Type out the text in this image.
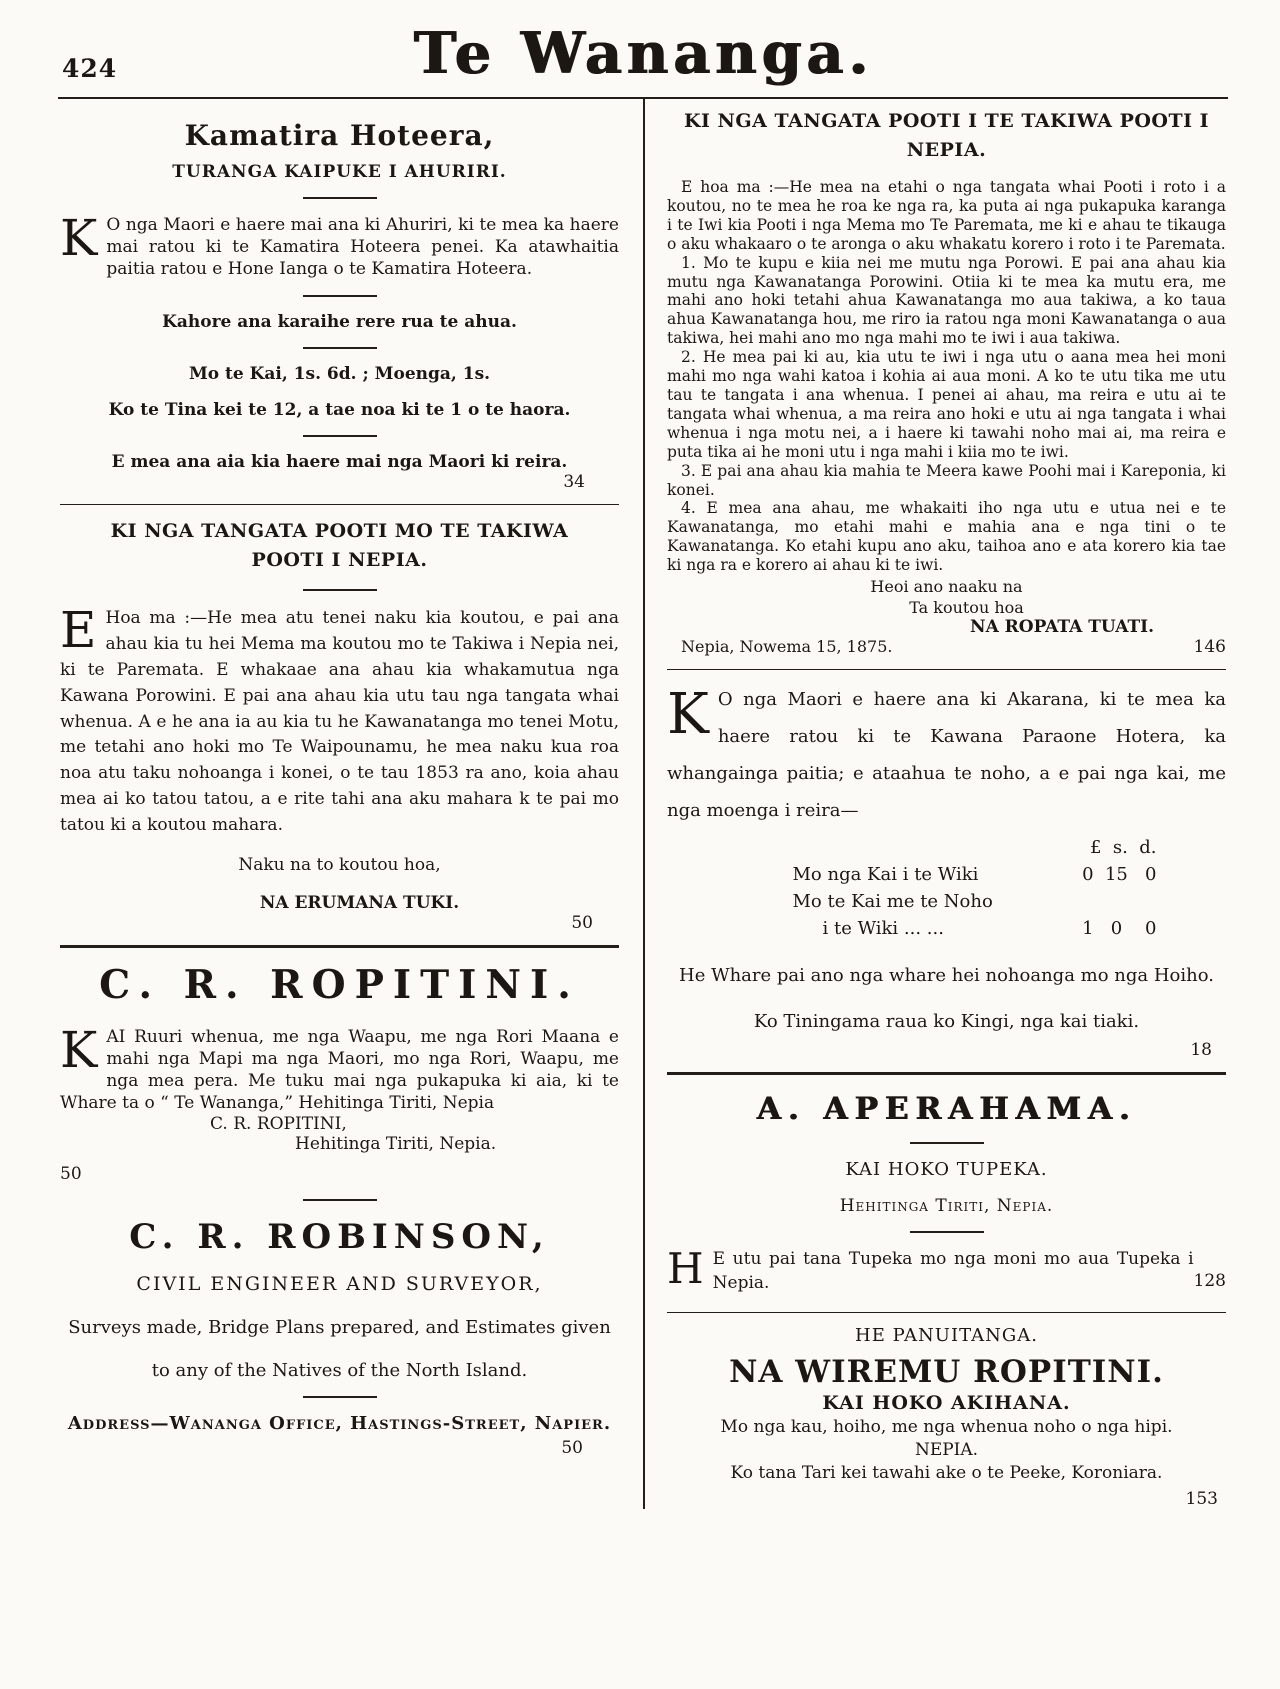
424	Te Wananga.
Kamatira Hoteera,
TURANGA KAIPUKE I AHURIRI.

K O nga Maori e haere mai ana ki Ahuriri, ki te mea ka haere mai ratou ki te Kamatira Hoteera penei. Ka atawhaitia paitia ratou e Hone Ianga o te Kamatira Hoteera.

Kahore ana karaihe rere rua te ahua.
Mo te Kai, 1s. 6d. ; Moenga, 1s.
Ko te Tina kei te 12, a tae noa ki te 1 o te haora.
E mea ana aia kia haere mai nga Maori ki reira.
34
KI NGA TANGATA POOTI MO TE TAKIWA POOTI I NEPIA.

E Hoa ma :—He mea atu tenei naku kia koutou, e pai ana ahau kia tu hei Mema ma koutou mo te Takiwa i Nepia nei, ki te Paremata. E whakaae ana ahau kia whakamutua nga Kawana Porowini. E pai ana ahau kia utu tau nga tangata whai whenua. A e he ana ia au kia tu he Kawanatanga mo tenei Motu, me tetahi ano hoki mo Te Waipounamu, he mea naku kua roa noa atu taku nohoanga i konei, o te tau 1853 ra ano, koia ahau mea ai ko tatou tatou, a e rite tahi ana aku mahara k te pai mo tatou ki a koutou mahara.

Naku na to koutou hoa,
NA ERUMANA TUKI.
50
C. R. ROPITINI.

KAI Ruuri whenua, me nga Waapu, me nga Rori Maana e mahi nga Mapi ma nga Maori, mo nga Rori, Waapu, me nga mea pera. Me tuku mai nga pukapuka ki aia, ki te Whare ta o “ Te Wananga,” Hehitinga Tiriti, Nepia

C. R. ROPITINI,
Hehitinga Tiriti, Nepia.
50
C. R. ROBINSON,
CIVIL ENGINEER AND SURVEYOR,
Surveys made, Bridge Plans prepared, and Estimates given
to any of the Natives of the North Island.
Address—Wananga Office, Hastings-Street, Napier.
50
KI NGA TANGATA POOTI I TE TAKIWA POOTI I NEPIA.

E hoa ma :—He mea na etahi o nga tangata whai Pooti i roto i a koutou, no te mea he roa ke nga ra, ka puta ai nga pukapuka karanga i te Iwi kia Pooti i nga Mema mo Te Paremata, me ki e ahau te tikauga o aku whakaaro o te aronga o aku whakatu korero i roto i te Paremata.

1. Mo te kupu e kiia nei me mutu nga Porowi. E pai ana ahau kia mutu nga Kawanatanga Porowini. Otiia ki te mea ka mutu era, me mahi ano hoki tetahi ahua Kawanatanga mo aua takiwa, a ko taua ahua Kawanatanga hou, me riro ia ratou nga moni Kawanatanga o aua takiwa, hei mahi ano mo nga mahi mo te iwi i aua takiwa.

2. He mea pai ki au, kia utu te iwi i nga utu o aana mea hei moni mahi mo nga wahi katoa i kohia ai aua moni. A ko te utu tika me utu tau te tangata i ana whenua. I penei ai ahau, ma reira e utu ai te tangata whai whenua, a ma reira ano hoki e utu ai nga tangata i whai whenua i nga motu nei, a i haere ki tawahi noho mai ai, ma reira e puta tika ai he moni utu i nga mahi i kiia mo te iwi.

3. E pai ana ahau kia mahia te Meera kawe Poohi mai i Kareponia, ki konei.

4. E mea ana ahau, me whakaiti iho nga utu e utua nei e te Kawanatanga, mo etahi mahi e mahia ana e nga tini o te Kawanatanga. Ko etahi kupu ano aku, taihoa ano e ata korero kia tae ki nga ra e korero ai ahau ki te iwi.

Heoi ano naaku na
Ta koutou hoa
NA ROPATA TUATI.
Nepia, Nowema 15, 1875.	146

K O nga Maori e haere ana ki Akarana, ki te mea ka haere ratou ki te Kawana Paraone Hotera, ka whangainga paitia; e ataahua te noho, a e pai nga kai, me nga moenga i reira—

£  s.  d.
Mo nga Kai i te Wiki	0  15   0
Mo te Kai me te Noho
i te Wiki ... ...	1   0    0
He Whare pai ano nga whare hei nohoanga mo nga Hoiho.
Ko Tiningama raua ko Kingi, nga kai tiaki.
18
A. APERAHAMA.
KAI HOKO TUPEKA.
Hehitinga Tiriti, Nepia.

H	128
E utu pai tana Tupeka mo nga moni mo aua Tupeka i Nepia.

HE PANUITANGA.
NA WIREMU ROPITINI.
KAI HOKO AKIHANA.
Mo nga kau, hoiho, me nga whenua noho o nga hipi.
NEPIA.
Ko tana Tari kei tawahi ake o te Peeke, Koroniara.
153
